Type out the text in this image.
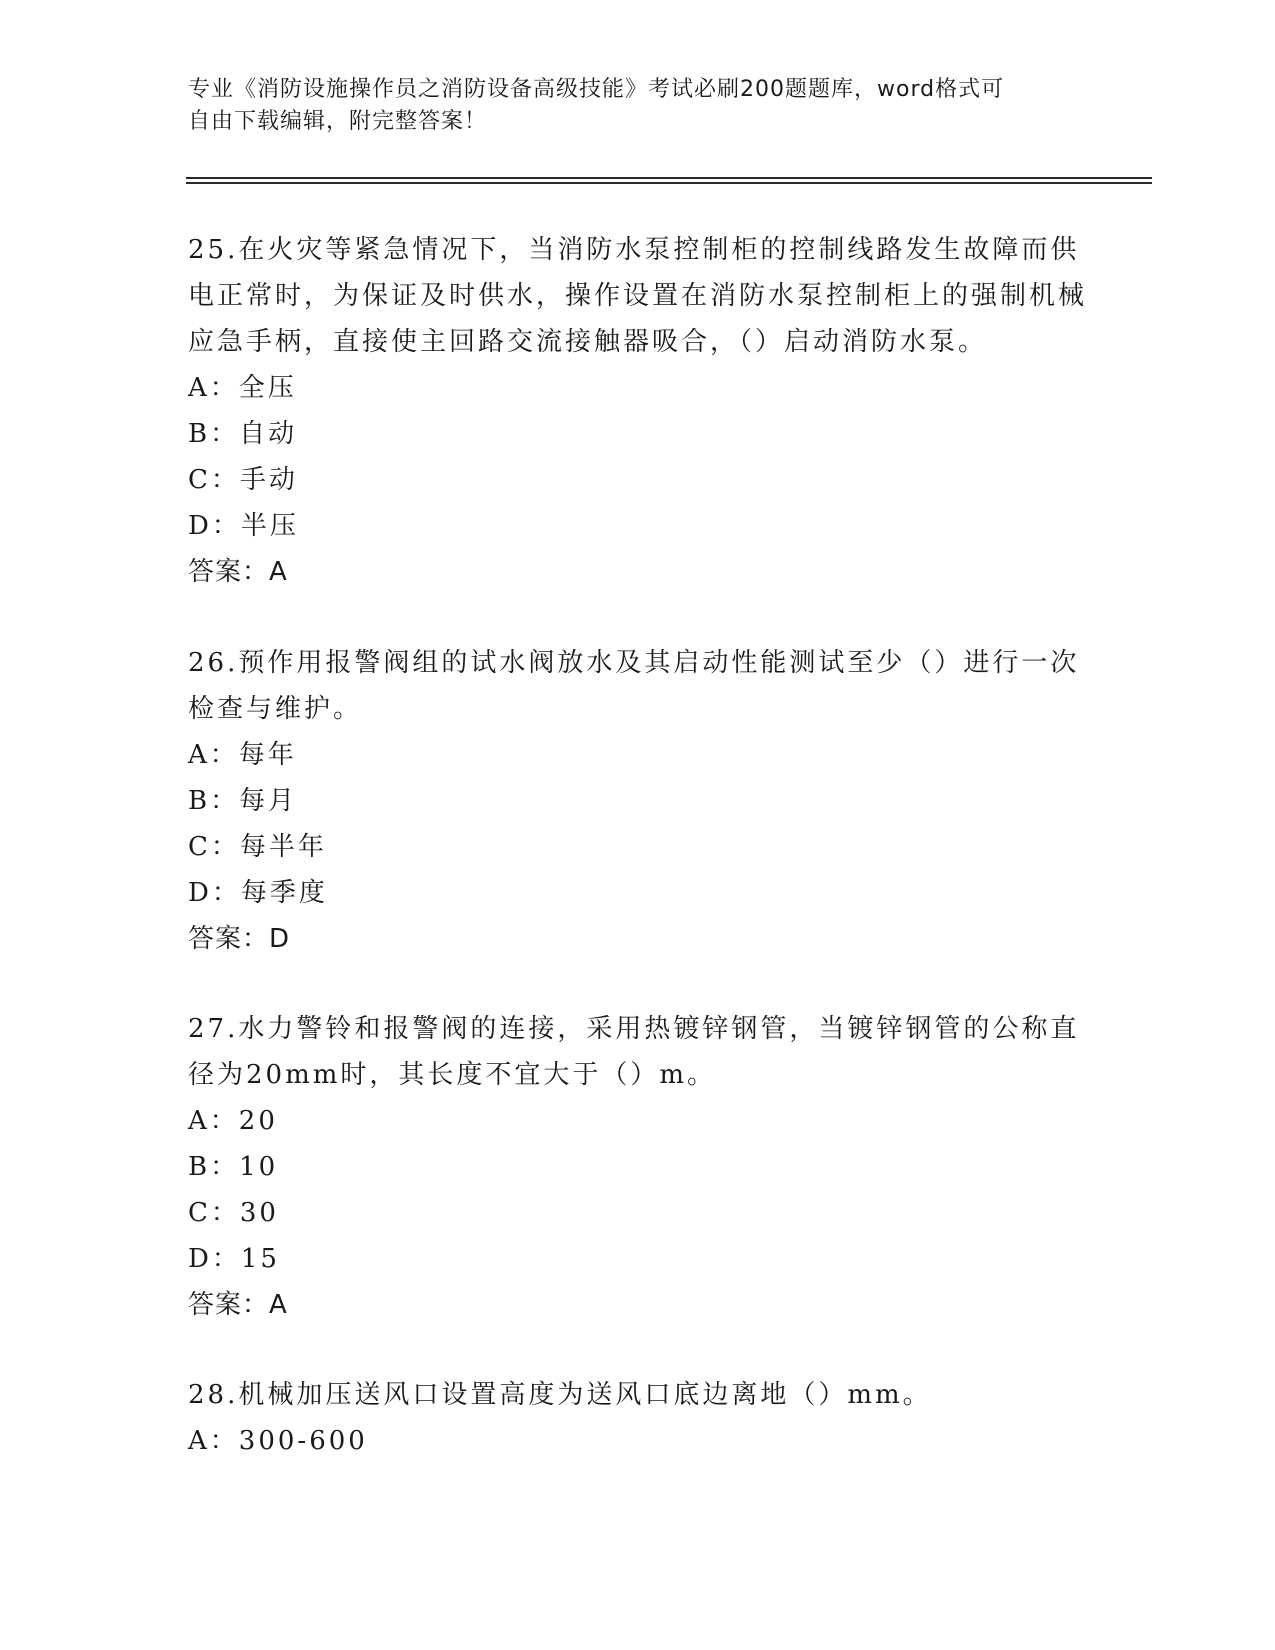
专业《消防设施操作员之消防设备高级技能》考试必刷200题题库，word格式可
自由下载编辑，附完整答案！

25.在火灾等紧急情况下，当消防水泵控制柜的控制线路发生故障而供电正常时，为保证及时供水，操作设置在消防水泵控制柜上的强制机械应急手柄，直接使主回路交流接触器吸合，（）启动消防水泵。

A：全压

B：自动

C：手动

D：半压

答案：A

26.预作用报警阀组的试水阀放水及其启动性能测试至少（）进行一次检查与维护。

A：每年

B：每月

C：每半年

D：每季度

答案：D

27.水力警铃和报警阀的连接，采用热镀锌钢管，当镀锌钢管的公称直径为20mm时，其长度不宜大于（）m。

A：20

B：10

C：30

D：15

答案：A

28.机械加压送风口设置高度为送风口底边离地（）mm。

A：300-600
